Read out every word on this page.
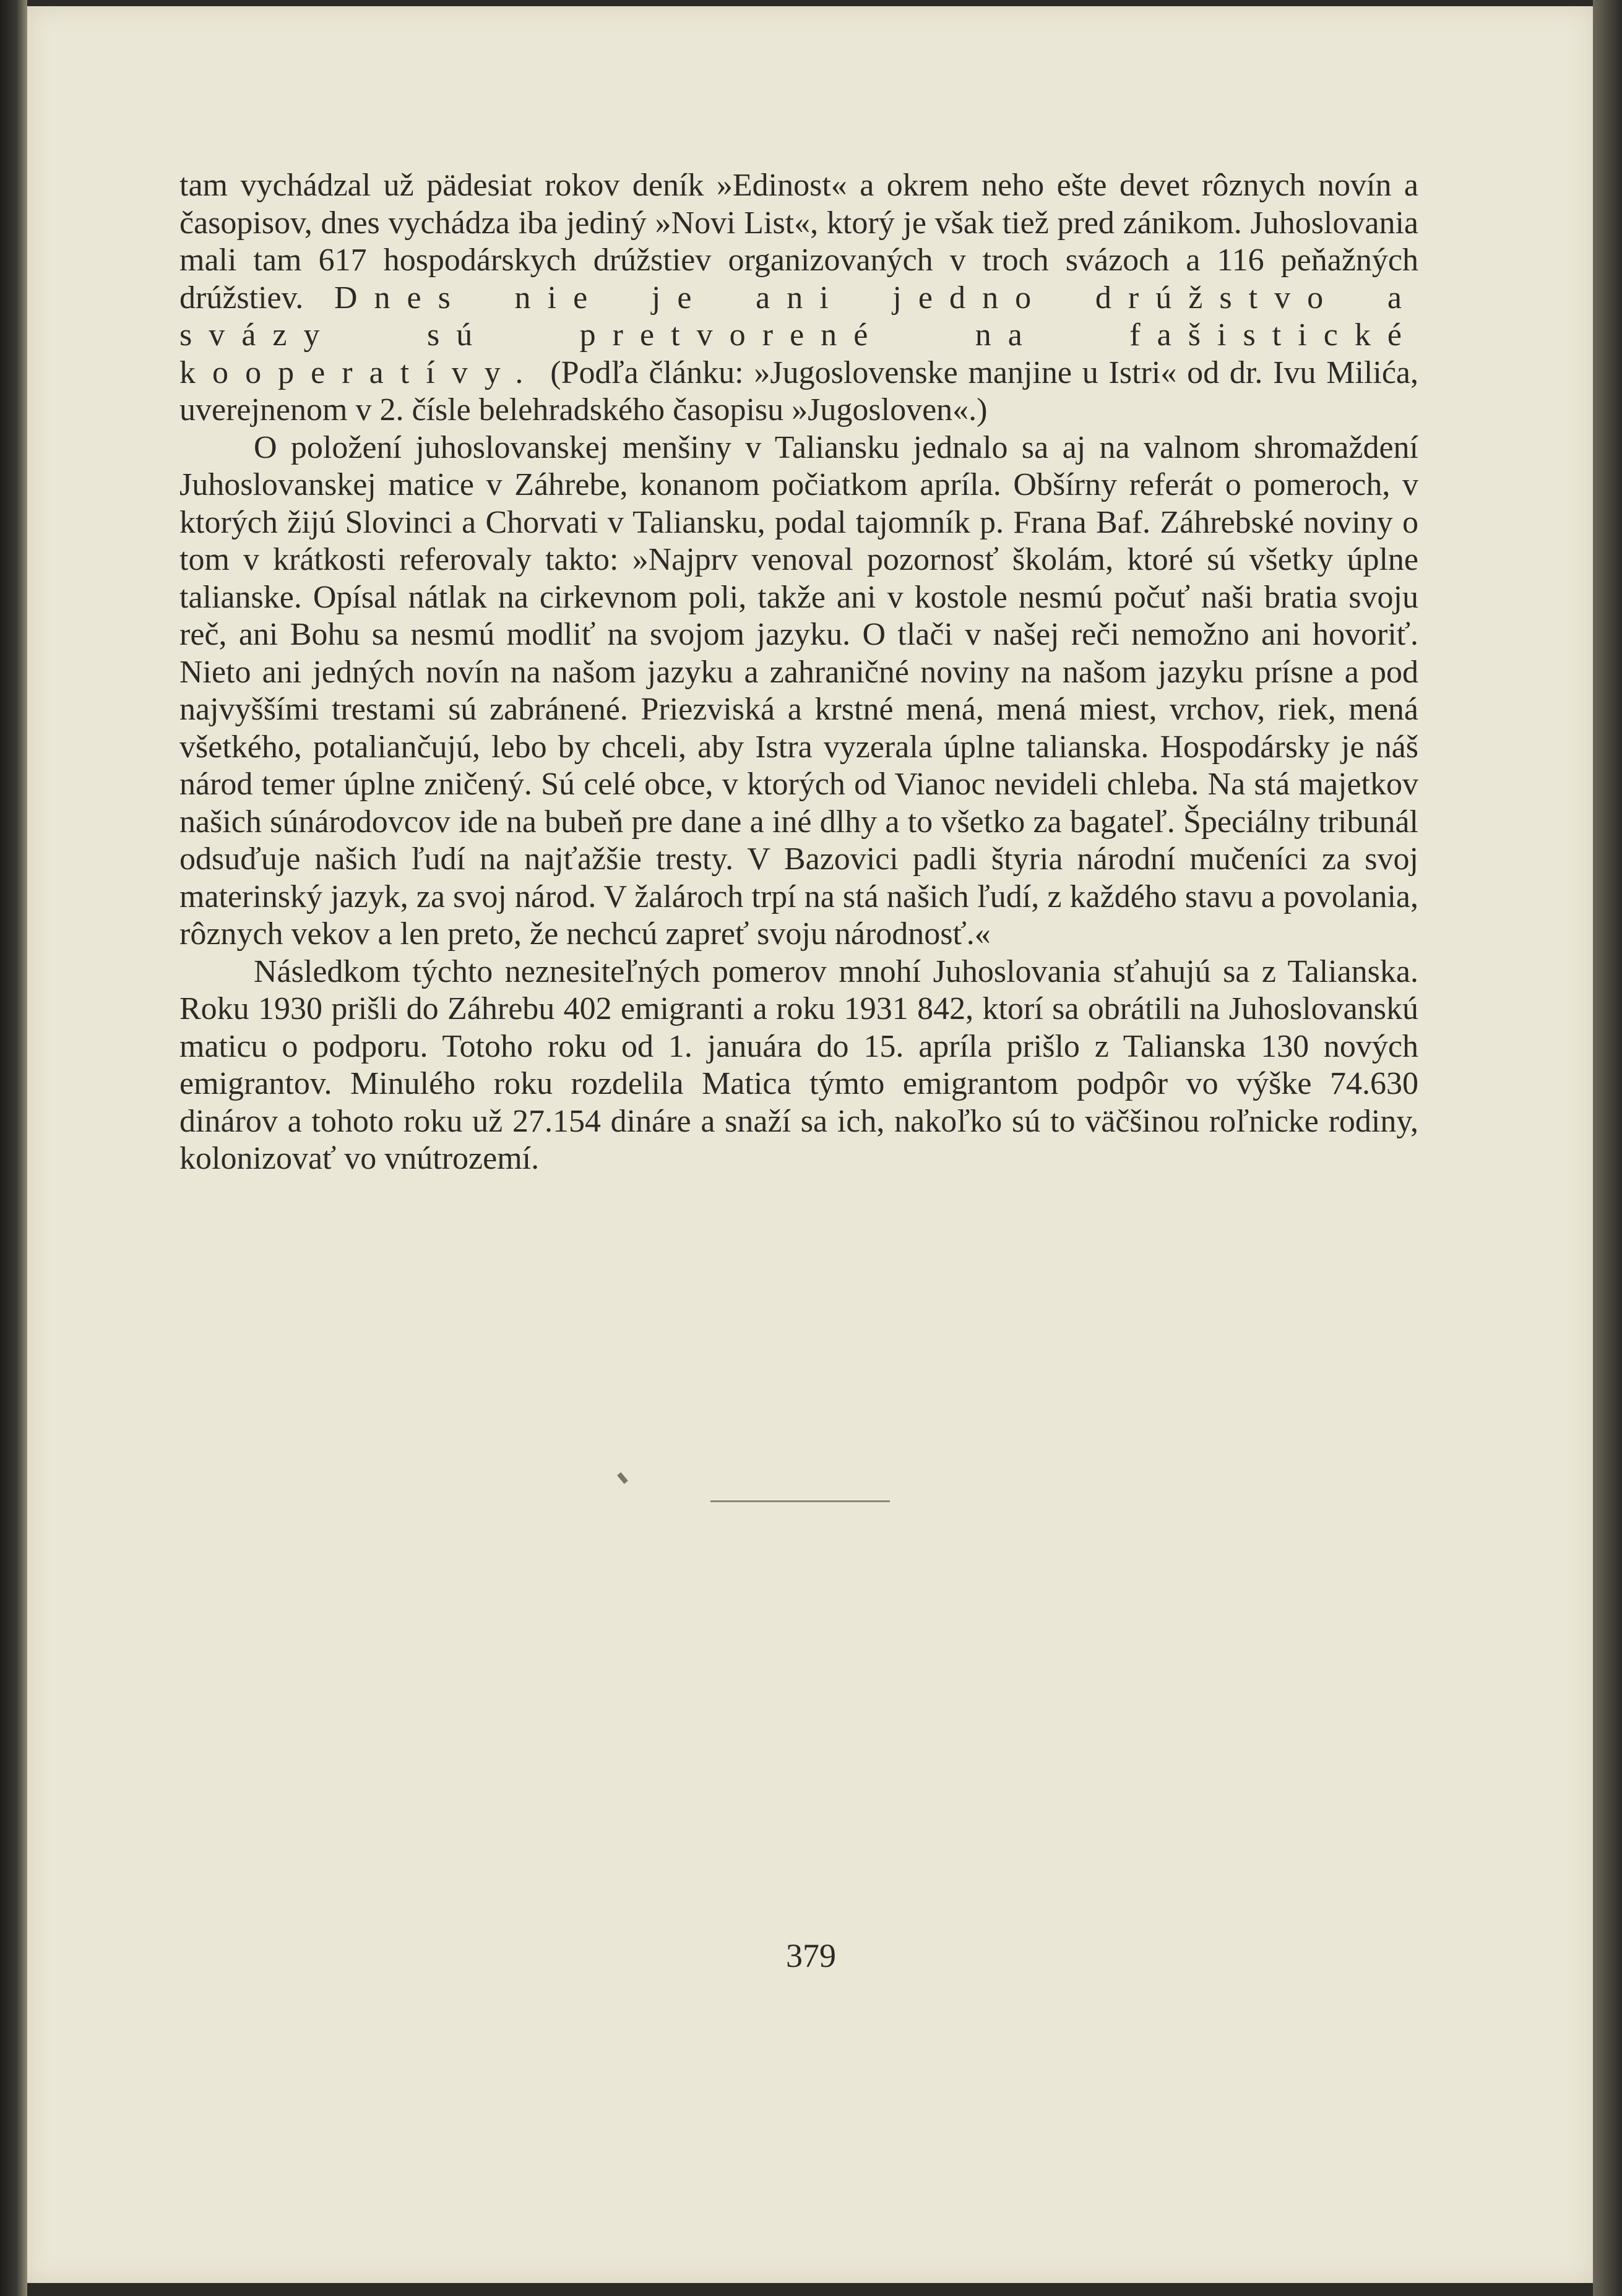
tam vychádzal už pädesiat rokov deník »Edinost« a okrem neho ešte devet rôznych novín a časopisov, dnes vychádza iba jediný »Novi List«, ktorý je však tiež pred zánikom. Juhoslovania mali tam 617 hospodárskych drúžstiev organizovaných v troch svázoch a 116 peňažných drúžstiev. Dnes nie je ani jedno drúžstvo a svázy sú pretvorené na fašistické kooperatívy. (Podľa článku: »Jugoslovenske manjine u Istri« od dr. Ivu Milića, uverejnenom v 2. čísle belehradského časopisu »Jugosloven«.)

O položení juhoslovanskej menšiny v Taliansku jednalo sa aj na valnom shromaždení Juhoslovanskej matice v Záhrebe, konanom počiatkom apríla. Obšírny referát o pomeroch, v ktorých žijú Slovinci a Chorvati v Taliansku, podal tajomník p. Frana Baf. Záhrebské noviny o tom v krátkosti referovaly takto: »Najprv venoval pozornosť školám, ktoré sú všetky úplne talianske. Opísal nátlak na cirkevnom poli, takže ani v kostole nesmú počuť naši bratia svoju reč, ani Bohu sa nesmú modliť na svojom jazyku. O tlači v našej reči nemožno ani hovoriť. Nieto ani jedných novín na našom jazyku a zahraničné noviny na našom jazyku prísne a pod najvyššími trestami sú zabránené. Priezviská a krstné mená, mená miest, vrchov, riek, mená všetkého, potaliančujú, lebo by chceli, aby Istra vyzerala úplne talianska. Hospodársky je náš národ temer úplne zničený. Sú celé obce, v ktorých od Vianoc nevideli chleba. Na stá majetkov našich súnárodovcov ide na bubeň pre dane a iné dlhy a to všetko za bagateľ. Špeciálny tribunál odsuďuje našich ľudí na najťažšie tresty. V Bazovici padli štyria národní mučeníci za svoj materinský jazyk, za svoj národ. V žalároch trpí na stá našich ľudí, z každého stavu a povolania, rôznych vekov a len preto, že nechcú zapreť svoju národnosť.«

Následkom týchto neznesiteľných pomerov mnohí Juhoslovania sťahujú sa z Talianska. Roku 1930 prišli do Záhrebu 402 emigranti a roku 1931 842, ktorí sa obrátili na Juhoslovanskú maticu o podporu. Totoho roku od 1. januára do 15. apríla prišlo z Talianska 130 nových emigrantov. Minulého roku rozdelila Matica týmto emigrantom podpôr vo výške 74.630 dinárov a tohoto roku už 27.154 dináre a snaží sa ich, nakoľko sú to väčšinou roľnicke rodiny, kolonizovať vo vnútrozemí.

379
